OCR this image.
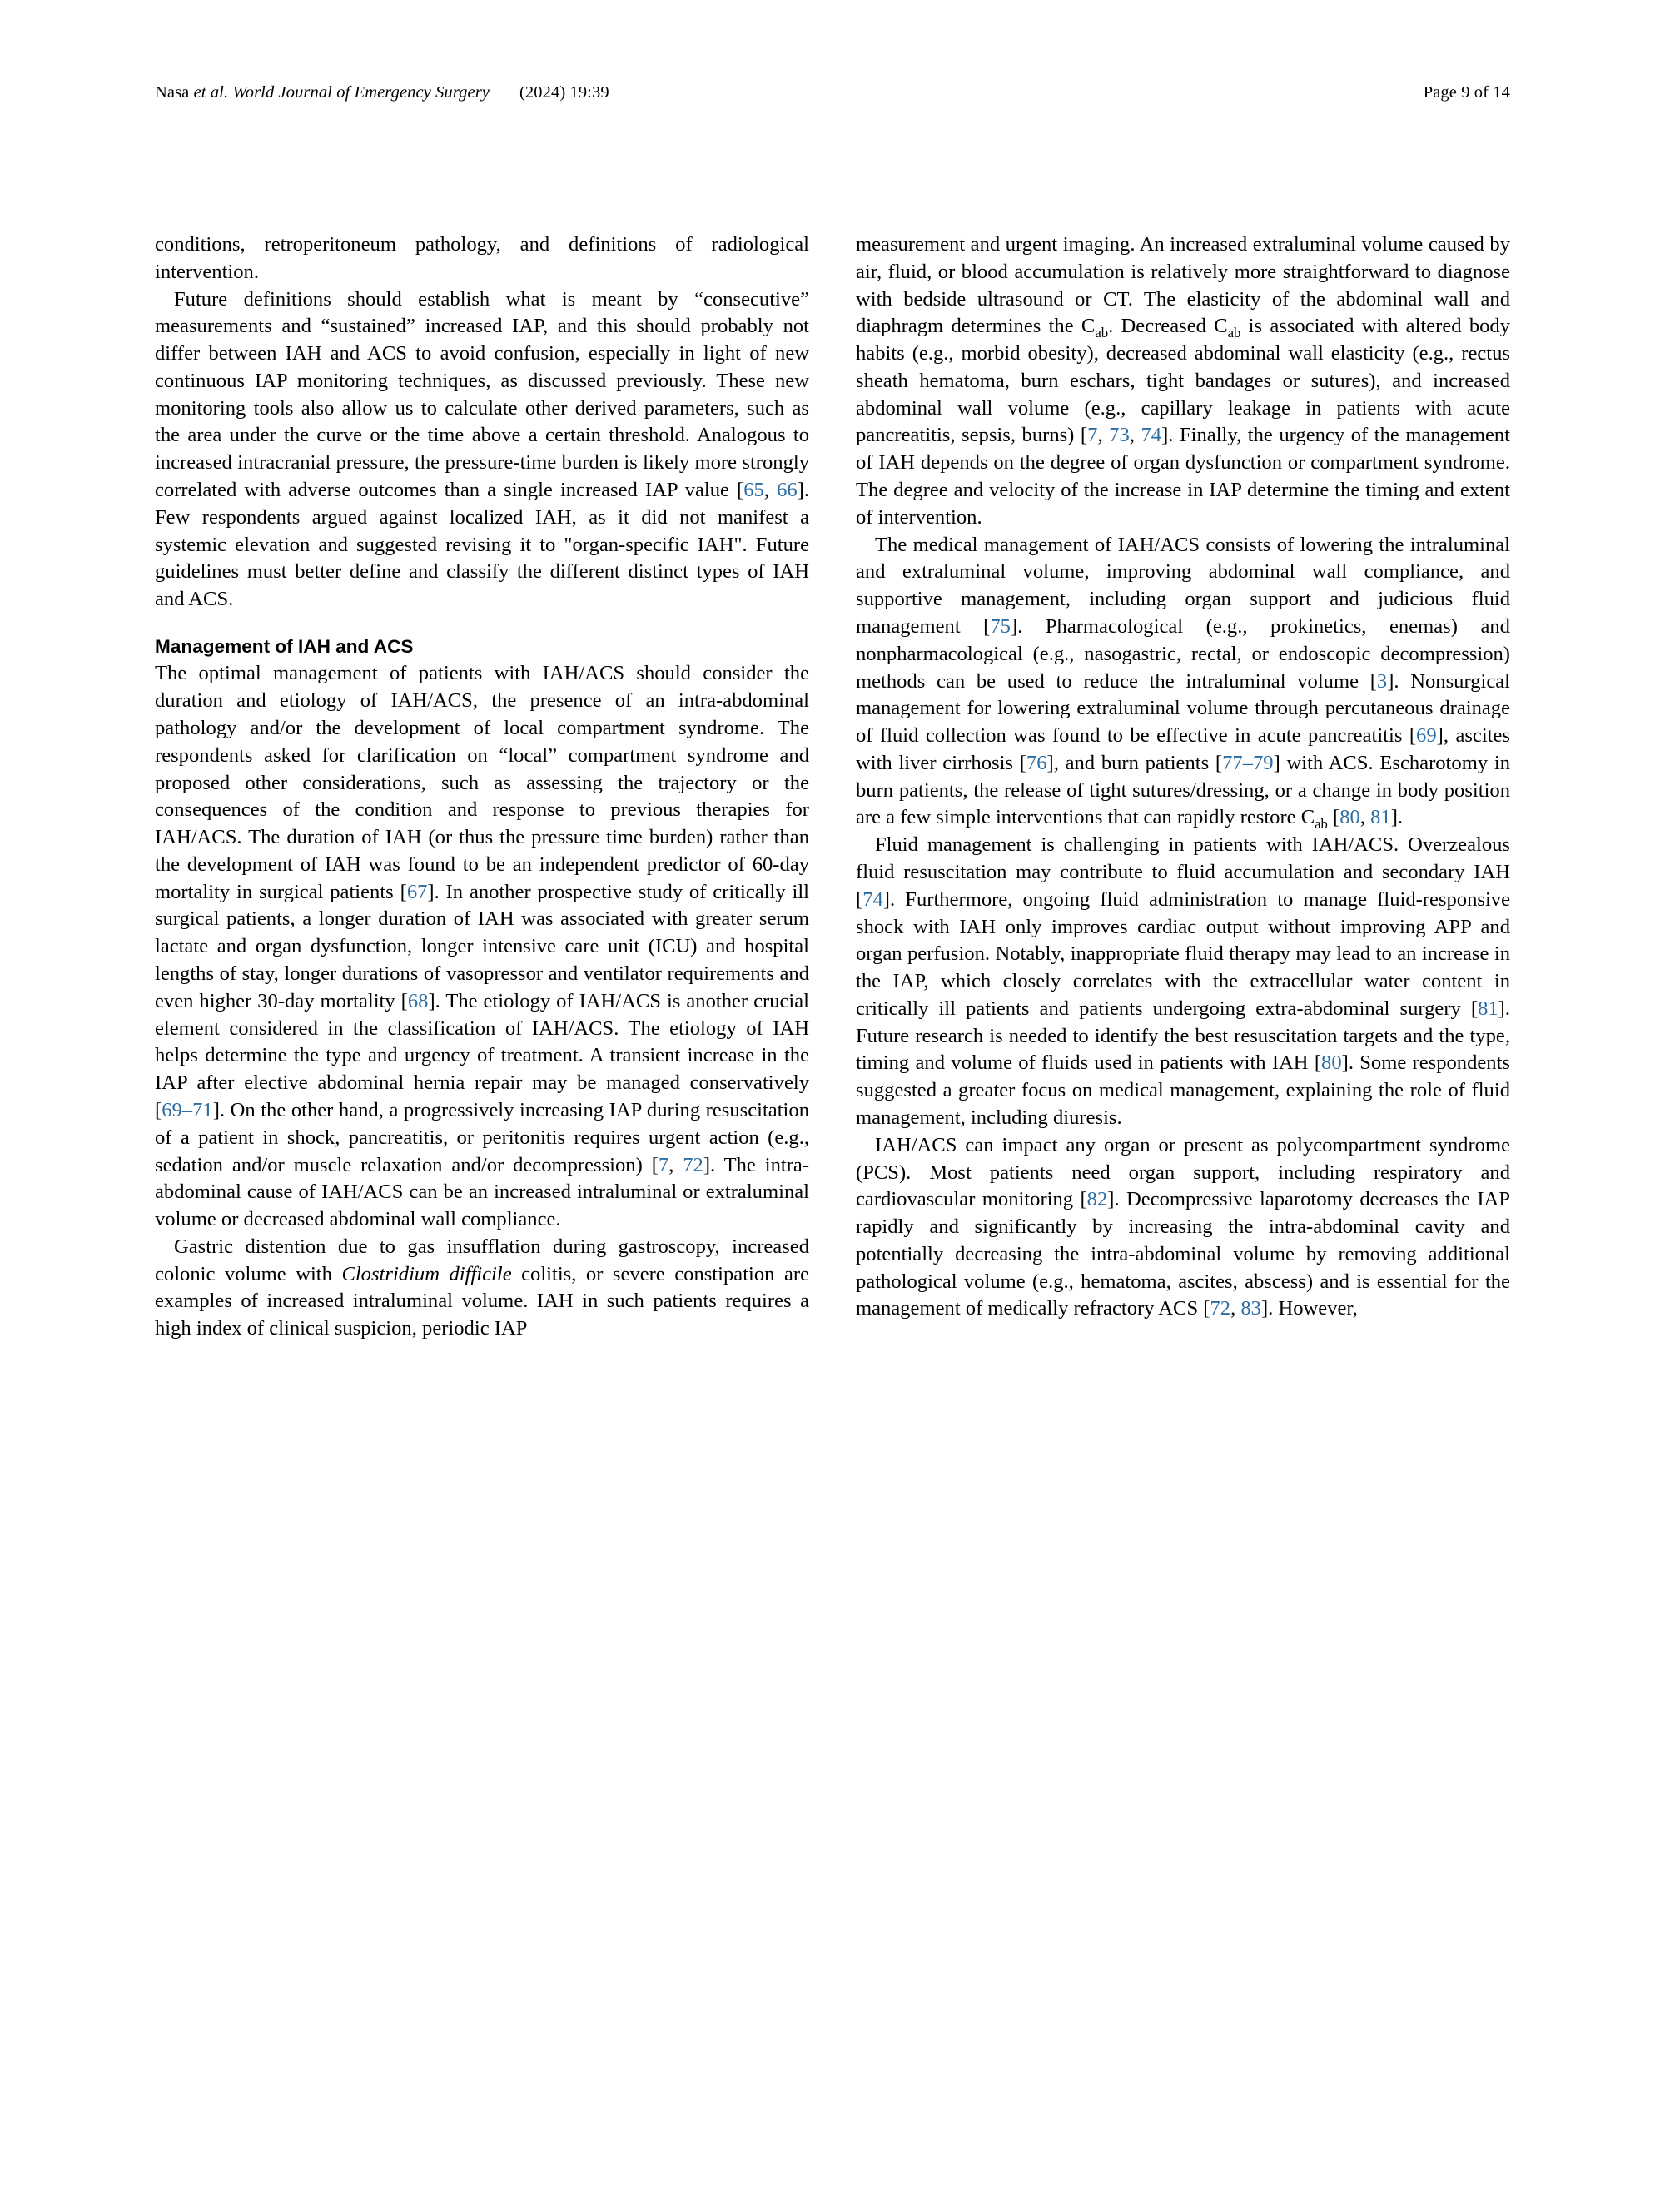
Nasa et al. World Journal of Emergency Surgery (2024) 19:39	Page 9 of 14

conditions, retroperitoneum pathology, and definitions of radiological intervention.

Future definitions should establish what is meant by “consecutive” measurements and “sustained” increased IAP, and this should probably not differ between IAH and ACS to avoid confusion, especially in light of new continuous IAP monitoring techniques, as discussed previously. These new monitoring tools also allow us to calculate other derived parameters, such as the area under the curve or the time above a certain threshold. Analogous to increased intracranial pressure, the pressure-time burden is likely more strongly correlated with adverse outcomes than a single increased IAP value [65, 66]. Few respondents argued against localized IAH, as it did not manifest a systemic elevation and suggested revising it to "organ-specific IAH". Future guidelines must better define and classify the different distinct types of IAH and ACS.

Management of IAH and ACS

The optimal management of patients with IAH/ACS should consider the duration and etiology of IAH/ACS, the presence of an intra-abdominal pathology and/or the development of local compartment syndrome. The respondents asked for clarification on “local” compartment syndrome and proposed other considerations, such as assessing the trajectory or the consequences of the condition and response to previous therapies for IAH/ACS. The duration of IAH (or thus the pressure time burden) rather than the development of IAH was found to be an independent predictor of 60-day mortality in surgical patients [67]. In another prospective study of critically ill surgical patients, a longer duration of IAH was associated with greater serum lactate and organ dysfunction, longer intensive care unit (ICU) and hospital lengths of stay, longer durations of vasopressor and ventilator requirements and even higher 30-day mortality [68]. The etiology of IAH/ACS is another crucial element considered in the classification of IAH/ACS. The etiology of IAH helps determine the type and urgency of treatment. A transient increase in the IAP after elective abdominal hernia repair may be managed conservatively [69–71]. On the other hand, a progressively increasing IAP during resuscitation of a patient in shock, pancreatitis, or peritonitis requires urgent action (e.g., sedation and/or muscle relaxation and/or decompression) [7, 72]. The intra-abdominal cause of IAH/ACS can be an increased intraluminal or extraluminal volume or decreased abdominal wall compliance.

Gastric distention due to gas insufflation during gastroscopy, increased colonic volume with Clostridium difficile colitis, or severe constipation are examples of increased intraluminal volume. IAH in such patients requires a high index of clinical suspicion, periodic IAP

measurement and urgent imaging. An increased extraluminal volume caused by air, fluid, or blood accumulation is relatively more straightforward to diagnose with bedside ultrasound or CT. The elasticity of the abdominal wall and diaphragm determines the $C_{ab}$. Decreased $C_{ab}$ is associated with altered body habits (e.g., morbid obesity), decreased abdominal wall elasticity (e.g., rectus sheath hematoma, burn eschars, tight bandages or sutures), and increased abdominal wall volume (e.g., capillary leakage in patients with acute pancreatitis, sepsis, burns) [7, 73, 74]. Finally, the urgency of the management of IAH depends on the degree of organ dysfunction or compartment syndrome. The degree and velocity of the increase in IAP determine the timing and extent of intervention.

The medical management of IAH/ACS consists of lowering the intraluminal and extraluminal volume, improving abdominal wall compliance, and supportive management, including organ support and judicious fluid management [75]. Pharmacological (e.g., prokinetics, enemas) and nonpharmacological (e.g., nasogastric, rectal, or endoscopic decompression) methods can be used to reduce the intraluminal volume [3]. Nonsurgical management for lowering extraluminal volume through percutaneous drainage of fluid collection was found to be effective in acute pancreatitis [69], ascites with liver cirrhosis [76], and burn patients [77–79] with ACS. Escharotomy in burn patients, the release of tight sutures/dressing, or a change in body position are a few simple interventions that can rapidly restore $C_{ab}$ [80, 81].

Fluid management is challenging in patients with IAH/ACS. Overzealous fluid resuscitation may contribute to fluid accumulation and secondary IAH [74]. Furthermore, ongoing fluid administration to manage fluid-responsive shock with IAH only improves cardiac output without improving APP and organ perfusion. Notably, inappropriate fluid therapy may lead to an increase in the IAP, which closely correlates with the extracellular water content in critically ill patients and patients undergoing extra-abdominal surgery [81]. Future research is needed to identify the best resuscitation targets and the type, timing and volume of fluids used in patients with IAH [80]. Some respondents suggested a greater focus on medical management, explaining the role of fluid management, including diuresis.

IAH/ACS can impact any organ or present as polycompartment syndrome (PCS). Most patients need organ support, including respiratory and cardiovascular monitoring [82]. Decompressive laparotomy decreases the IAP rapidly and significantly by increasing the intra-abdominal cavity and potentially decreasing the intra-abdominal volume by removing additional pathological volume (e.g., hematoma, ascites, abscess) and is essential for the management of medically refractory ACS [72, 83]. However,
